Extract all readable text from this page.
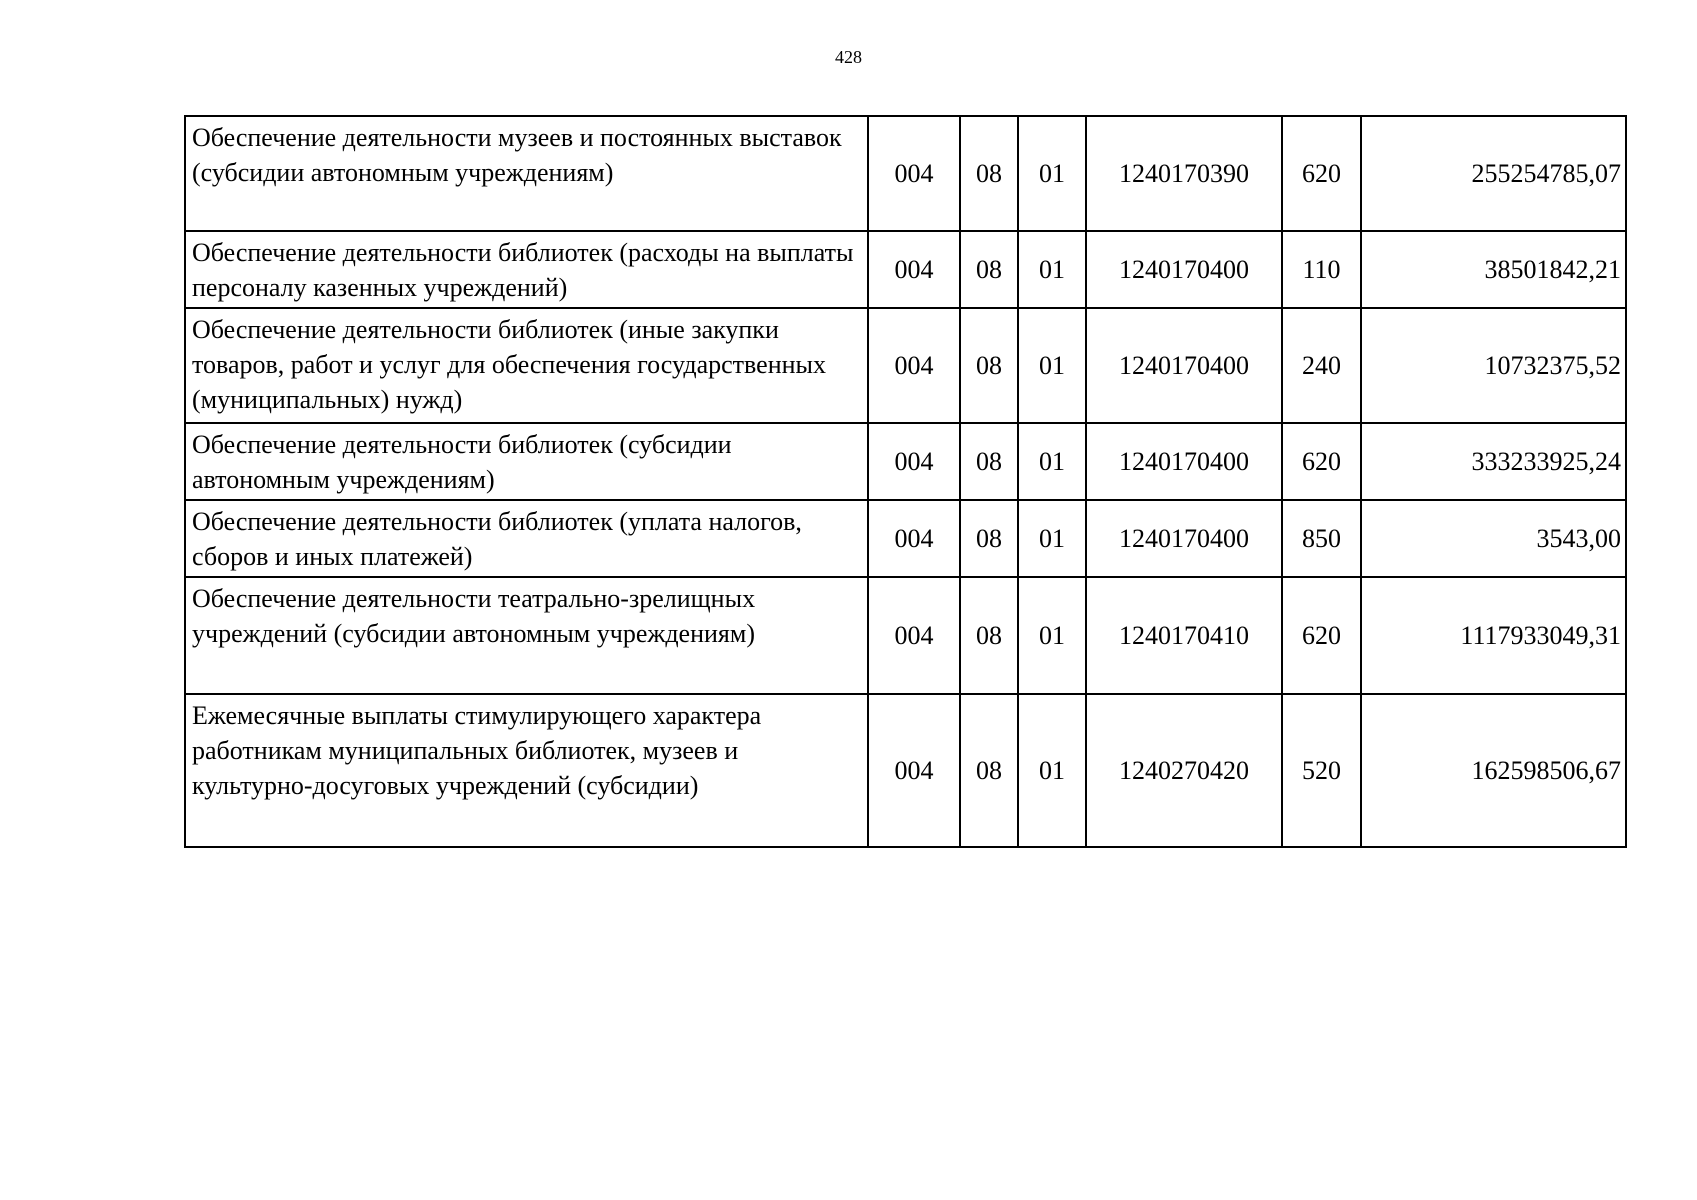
428
Обеспечение деятельности музеев и постоянных выставок (субсидии автономным учреждениям)	004	08	01	1240170390	620	255254785,07
Обеспечение деятельности библиотек (расходы на выплаты персоналу казенных учреждений)	004	08	01	1240170400	110	38501842,21
Обеспечение деятельности библиотек (иные закупки товаров, работ и услуг для обеспечения государственных (муниципальных) нужд)	004	08	01	1240170400	240	10732375,52
Обеспечение деятельности библиотек (субсидии автономным учреждениям)	004	08	01	1240170400	620	333233925,24
Обеспечение деятельности библиотек (уплата налогов, сборов и иных платежей)	004	08	01	1240170400	850	3543,00
Обеспечение деятельности театрально-зрелищных учреждений (субсидии автономным учреждениям)	004	08	01	1240170410	620	1117933049,31
Ежемесячные выплаты стимулирующего характера работникам муниципальных библиотек, музеев и культурно-досуговых учреждений (субсидии)	004	08	01	1240270420	520	162598506,67
